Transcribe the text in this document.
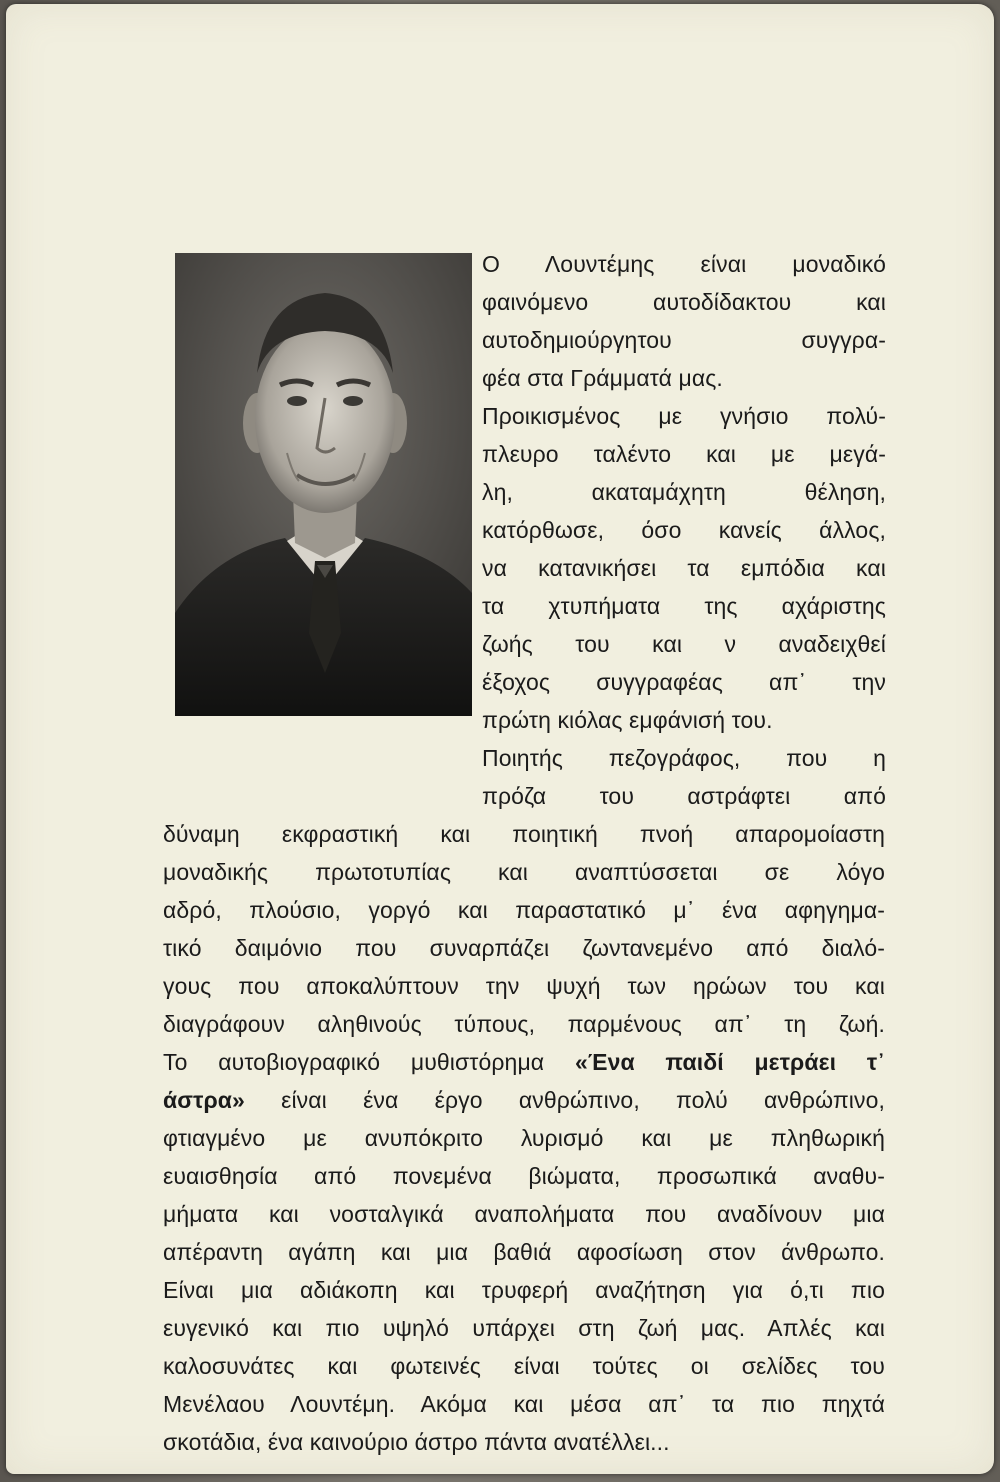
Ο Λουντέμης είναι μοναδικό
φαινόμενο αυτοδίδακτου και
αυτοδημιούργητου συγγρα-
φέα στα Γράμματά μας.
Προικισμένος με γνήσιο πολύ-
πλευρο ταλέντο και με μεγά-
λη, ακαταμάχητη θέληση,
κατόρθωσε, όσο κανείς άλλος,
να κατανικήσει τα εμπόδια και
τα χτυπήματα της αχάριστης
ζωής του και ν αναδειχθεί
έξοχος συγγραφέας απ᾿ την
πρώτη κιόλας εμφάνισή του.
Ποιητής πεζογράφος, που η
πρόζα του αστράφτει από
δύναμη εκφραστική και ποιητική πνοή απαρομοίαστη
μοναδικής πρωτοτυπίας και αναπτύσσεται σε λόγο
αδρό, πλούσιο, γοργό και παραστατικό μ᾿ ένα αφηγημα-
τικό δαιμόνιο που συναρπάζει ζωντανεμένο από διαλό-
γους που αποκαλύπτουν την ψυχή των ηρώων του και
διαγράφουν αληθινούς τύπους, παρμένους απ᾿ τη ζωή.
Το αυτοβιογραφικό μυθιστόρημα «Ένα παιδί μετράει τ᾿
άστρα» είναι ένα έργο ανθρώπινο, πολύ ανθρώπινο,
φτιαγμένο με ανυπόκριτο λυρισμό και με πληθωρική
ευαισθησία από πονεμένα βιώματα, προσωπικά αναθυ-
μήματα και νοσταλγικά αναπολήματα που αναδίνουν μια
απέραντη αγάπη και μια βαθιά αφοσίωση στον άνθρωπο.
Είναι μια αδιάκοπη και τρυφερή αναζήτηση για ό,τι πιο
ευγενικό και πιο υψηλό υπάρχει στη ζωή μας. Απλές και
καλοσυνάτες και φωτεινές είναι τούτες οι σελίδες του
Μενέλαου Λουντέμη. Ακόμα και μέσα απ᾿ τα πιο πηχτά
σκοτάδια, ένα καινούριο άστρο πάντα ανατέλλει...
